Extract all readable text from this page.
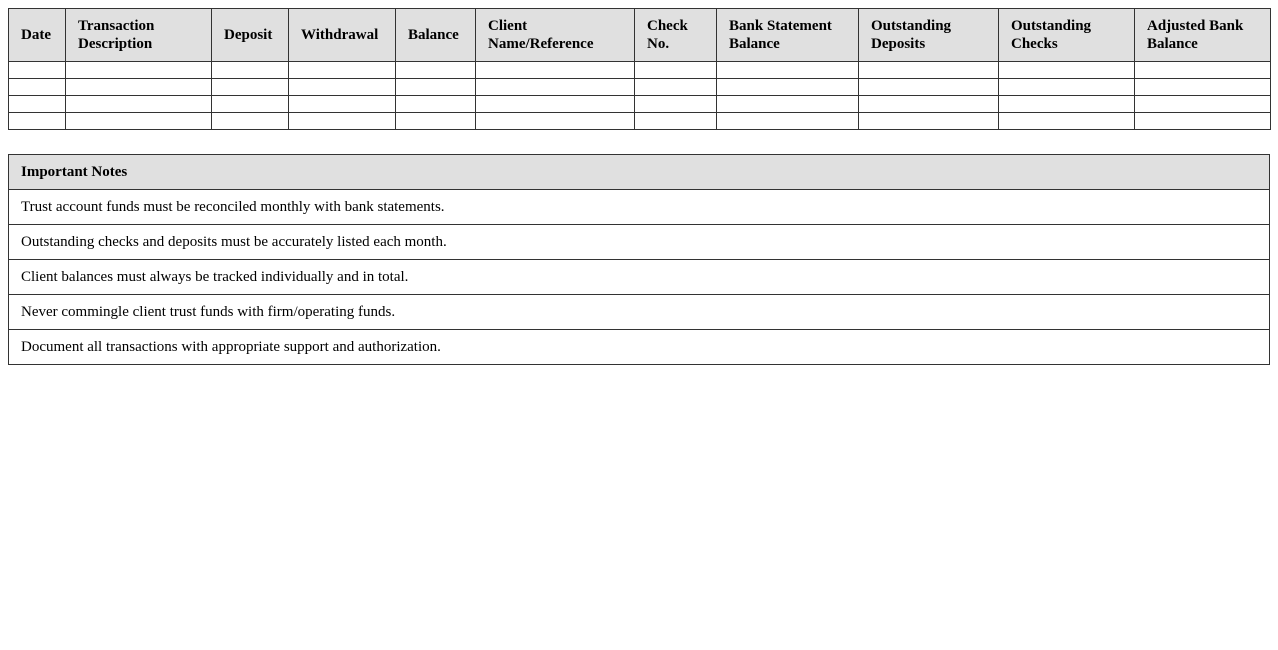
Date	Transaction Description	Deposit	Withdrawal	Balance	Client Name/Reference	Check No.	Bank Statement Balance	Outstanding Deposits	Outstanding Checks	Adjusted Bank Balance

Important Notes
Trust account funds must be reconciled monthly with bank statements.
Outstanding checks and deposits must be accurately listed each month.
Client balances must always be tracked individually and in total.
Never commingle client trust funds with firm/operating funds.
Document all transactions with appropriate support and authorization.
